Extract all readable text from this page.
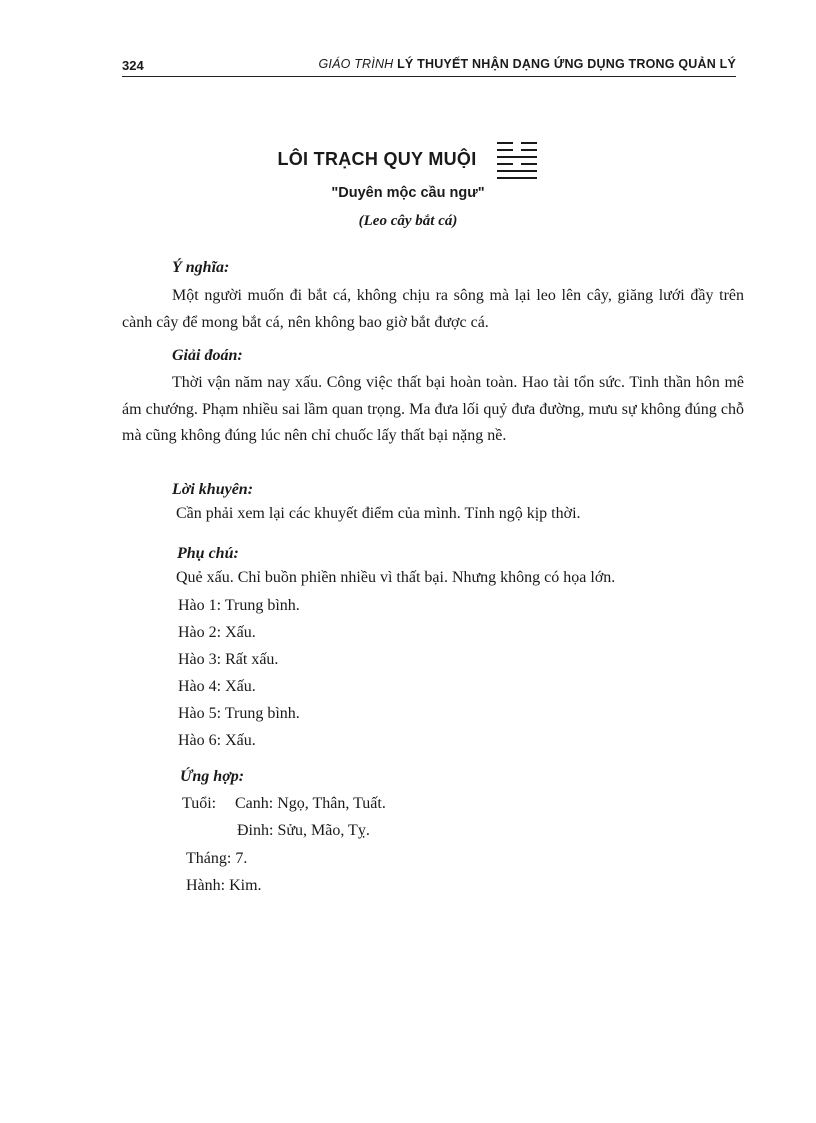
324	GIÁO TRÌNH LÝ THUYẾT NHẬN DẠNG ỨNG DỤNG TRONG QUẢN LÝ
LÔI TRẠCH QUY MUỘI
"Duyên mộc cầu ngư"
(Leo cây bắt cá)
Ý nghĩa:
Một người muốn đi bắt cá, không chịu ra sông mà lại leo lên cây, giăng lưới đầy trên cành cây để mong bắt cá, nên không bao giờ bắt được cá.
Giải đoán:
Thời vận năm nay xấu. Công việc thất bại hoàn toàn. Hao tài tổn sức. Tinh thần hôn mê ám chướng. Phạm nhiều sai lầm quan trọng. Ma đưa lối quỷ đưa đường, mưu sự không đúng chỗ mà cũng không đúng lúc nên chỉ chuốc lấy thất bại nặng nề.
Lời khuyên:
Cần phải xem lại các khuyết điểm của mình. Tỉnh ngộ kịp thời.
Phụ chú:
Quẻ xấu. Chỉ buồn phiền nhiều vì thất bại. Nhưng không có họa lớn.
Hào 1: Trung bình.
Hào 2: Xấu.
Hào 3: Rất xấu.
Hào 4: Xấu.
Hào 5: Trung bình.
Hào 6: Xấu.
Ứng hợp:
Tuổi: Canh: Ngọ, Thân, Tuất.
Đinh: Sửu, Mão, Tỵ.
Tháng: 7.
Hành: Kim.
